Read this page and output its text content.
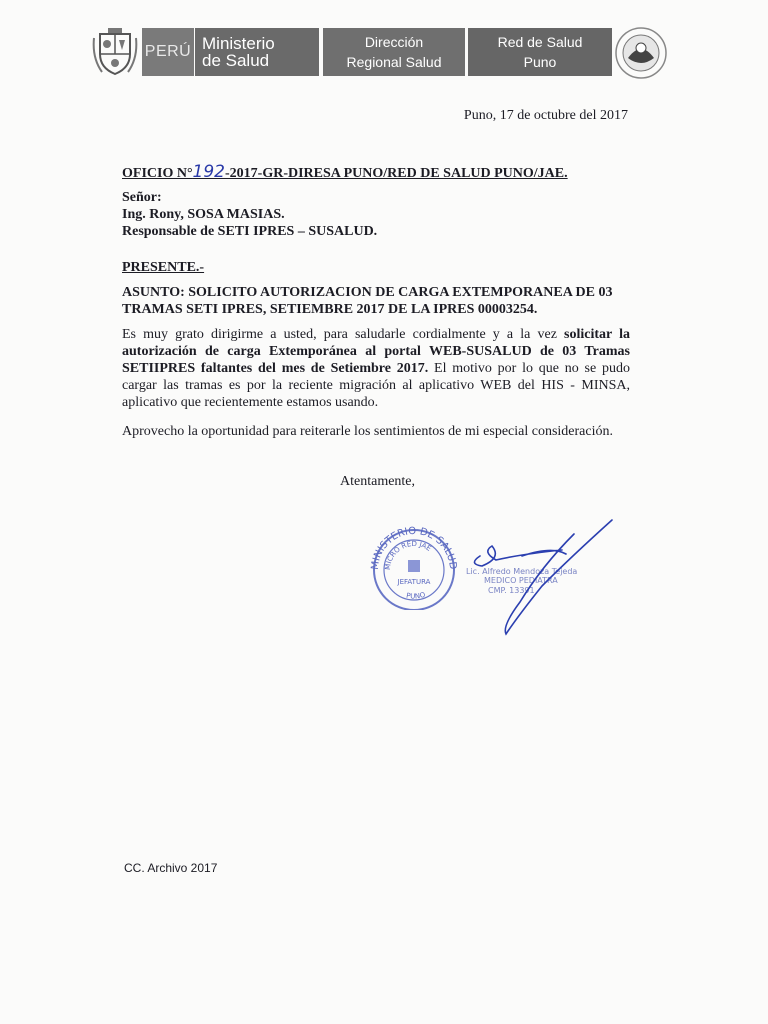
PERÚ Ministerio
de Salud
Dirección
Regional Salud
Red de Salud
Puno
Puno, 17 de octubre del 2017
OFICIO N°192-2017-GR-DIRESA PUNO/RED DE SALUD PUNO/JAE.
Señor:
Ing. Rony, SOSA MASIAS.
Responsable de SETI IPRES – SUSALUD.
PRESENTE.-
ASUNTO: SOLICITO AUTORIZACION DE CARGA EXTEMPORANEA DE 03 TRAMAS SETI IPRES, SETIEMBRE 2017 DE LA IPRES 00003254.
Es muy grato dirigirme a usted, para saludarle cordialmente y a la vez solicitar la autorización de carga Extemporánea al portal WEB-SUSALUD de 03 Tramas SETIIPRES faltantes del mes de Setiembre 2017. El motivo por lo que no se pudo cargar las tramas es por la reciente migración al aplicativo WEB del HIS - MINSA, aplicativo que recientemente estamos usando.
Aprovecho la oportunidad para reiterarle los sentimientos de mi especial consideración.
Atentamente,
MINISTERIO DE SALUD
MICRO RED JAE
JEFATURA
PUNO
Lic. Alfredo Mendoza Tejeda
MEDICO PEDIATRA
CMP. 13391
CC. Archivo 2017
